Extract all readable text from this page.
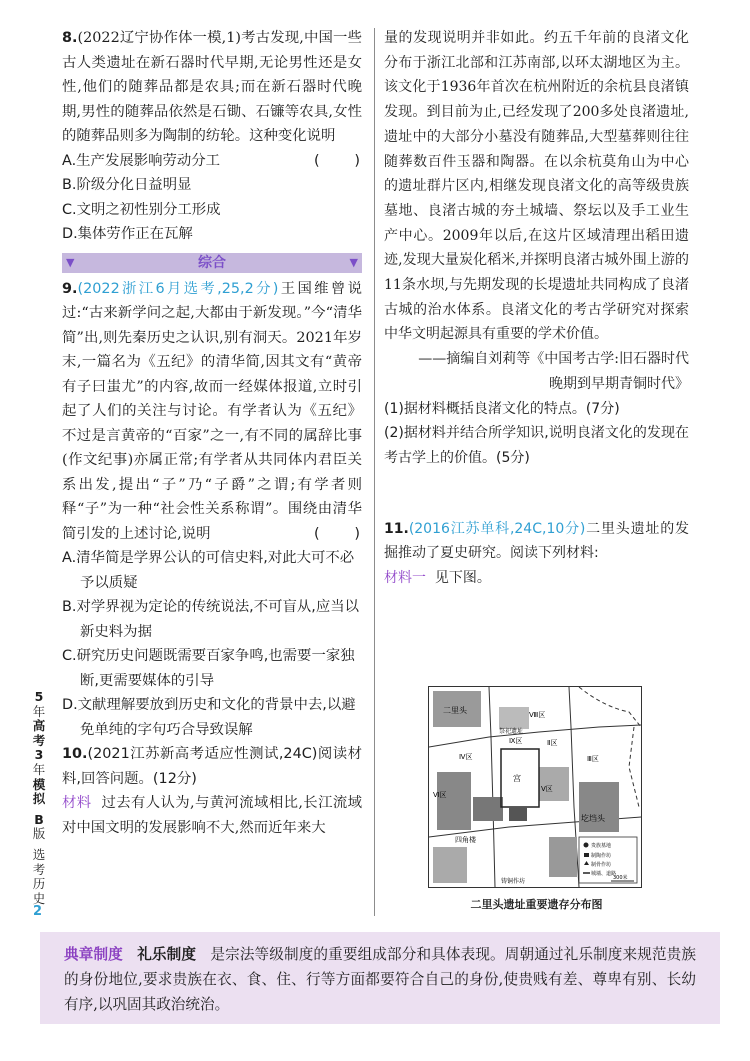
8.(2022辽宁协作体一模,1)考古发现,中国一些古人类遗址在新石器时代早期,无论男性还是女性,他们的随葬品都是农具;而在新石器时代晚期,男性的随葬品依然是石锄、石镰等农具,女性的随葬品则多为陶制的纺轮。这种变化说明
(　　)

A.生产发展影响劳动分工

B.阶级分化日益明显

C.文明之初性别分工形成

D.集体劳作正在瓦解

▼	综合	▼

9.(2022浙江6月选考,25,2分)王国维曾说过:“古来新学问之起,大都由于新发现。”今“清华简”出,则先秦历史之认识,别有洞天。2021年岁末,一篇名为《五纪》的清华简,因其文有“黄帝有子曰蚩尤”的内容,故而一经媒体报道,立时引起了人们的关注与讨论。有学者认为《五纪》不过是言黄帝的“百家”之一,有不同的属辞比事(作文纪事)亦属正常;有学者从共同体内君臣关系出发,提出“子”乃“子爵”之谓;有学者则释“子”为一种“社会性关系称谓”。围绕由清华简引发的上述讨论,说明	(　　)

A.清华简是学界公认的可信史料,对此大可不必予以质疑

B.对学界视为定论的传统说法,不可盲从,应当以新史料为据

C.研究历史问题既需要百家争鸣,也需要一家独断,更需要媒体的引导

D.文献理解要放到历史和文化的背景中去,以避免单纯的字句巧合导致误解

10.(2021江苏新高考适应性测试,24C)阅读材料,回答问题。(12分)

材料 过去有人认为,与黄河流域相比,长江流域对中国文明的发展影响不大,然而近年来大

量的发现说明并非如此。约五千年前的良渚文化分布于浙江北部和江苏南部,以环太湖地区为主。该文化于1936年首次在杭州附近的余杭县良渚镇发现。到目前为止,已经发现了200多处良渚遗址,遗址中的大部分小墓没有随葬品,大型墓葬则往往随葬数百件玉器和陶器。在以余杭莫角山为中心的遗址群片区内,相继发现良渚文化的高等级贵族墓地、良渚古城的夯土城墙、祭坛以及手工业生产中心。2009年以后,在这片区域清理出稻田遗迹,发现大量炭化稻米,并探明良渚古城外围上游的11条水坝,与先期发现的长堤遗址共同构成了良渚古城的治水体系。良渚文化的考古学研究对探索中华文明起源具有重要的学术价值。

——摘编自刘莉等《中国考古学:旧石器时代

晚期到早期青铜时代》

(1)据材料概括良渚文化的特点。(7分)

(2)据材料并结合所学知识,说明良渚文化的发现在考古学上的价值。(5分)

11.(2016江苏单科,24C,10分)二里头遗址的发掘推动了夏史研究。阅读下列材料:

材料一 见下图。

二里头
圪垱头
Ⅲ区
Ⅳ区
Ⅱ区
Ⅵ区
Ⅸ区
Ⅴ区
Ⅷ区
宫
铸铜作坊
四角楼
贵族墓地
制陶作坊
制骨作坊
城墙、道路
祭祀遗址
300米
二里头遗址重要遗存分布图
5
年
高
考
3
年
模
拟
B
版
选
考
历
史
2

典章制度 礼乐制度 是宗法等级制度的重要组成部分和具体表现。周朝通过礼乐制度来规范贵族的身份地位,要求贵族在衣、食、住、行等方面都要符合自己的身份,使贵贱有差、尊卑有别、长幼有序,以巩固其政治统治。
